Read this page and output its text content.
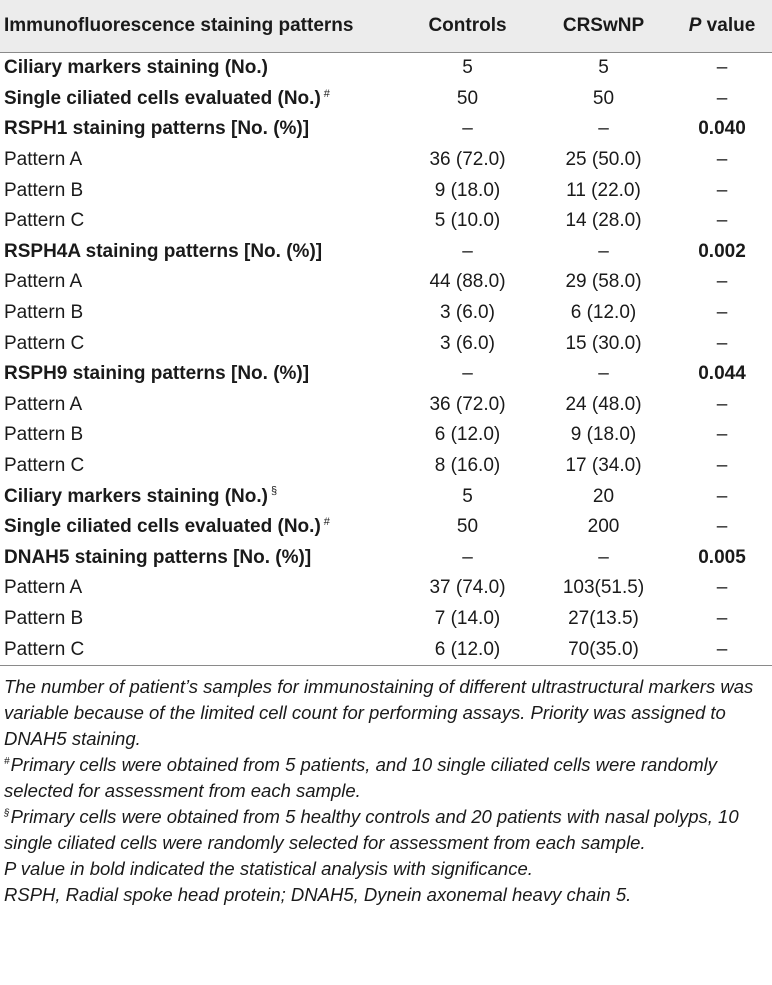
Immunofluorescence staining patterns	Controls	CRSwNP	P value
Ciliary markers staining (No.)	5	5	–
Single ciliated cells evaluated (No.) #	50	50	–
RSPH1 staining patterns [No. (%)]	–	–	0.040
Pattern A	36 (72.0)	25 (50.0)	–
Pattern B	9 (18.0)	11 (22.0)	–
Pattern C	5 (10.0)	14 (28.0)	–
RSPH4A staining patterns [No. (%)]	–	–	0.002
Pattern A	44 (88.0)	29 (58.0)	–
Pattern B	3 (6.0)	6 (12.0)	–
Pattern C	3 (6.0)	15 (30.0)	–
RSPH9 staining patterns [No. (%)]	–	–	0.044
Pattern A	36 (72.0)	24 (48.0)	–
Pattern B	6 (12.0)	9 (18.0)	–
Pattern C	8 (16.0)	17 (34.0)	–
Ciliary markers staining (No.) §	5	20	–
Single ciliated cells evaluated (No.) #	50	200	–
DNAH5 staining patterns [No. (%)]	–	–	0.005
Pattern A	37 (74.0)	103(51.5)	–
Pattern B	7 (14.0)	27(13.5)	–
Pattern C	6 (12.0)	70(35.0)	–

The number of patient’s samples for immunostaining of different ultrastructural markers was variable because of the limited cell count for performing assays. Priority was assigned to DNAH5 staining.

#Primary cells were obtained from 5 patients, and 10 single ciliated cells were randomly selected for assessment from each sample.

§Primary cells were obtained from 5 healthy controls and 20 patients with nasal polyps, 10 single ciliated cells were randomly selected for assessment from each sample.

P value in bold indicated the statistical analysis with significance.

RSPH, Radial spoke head protein; DNAH5, Dynein axonemal heavy chain 5.
